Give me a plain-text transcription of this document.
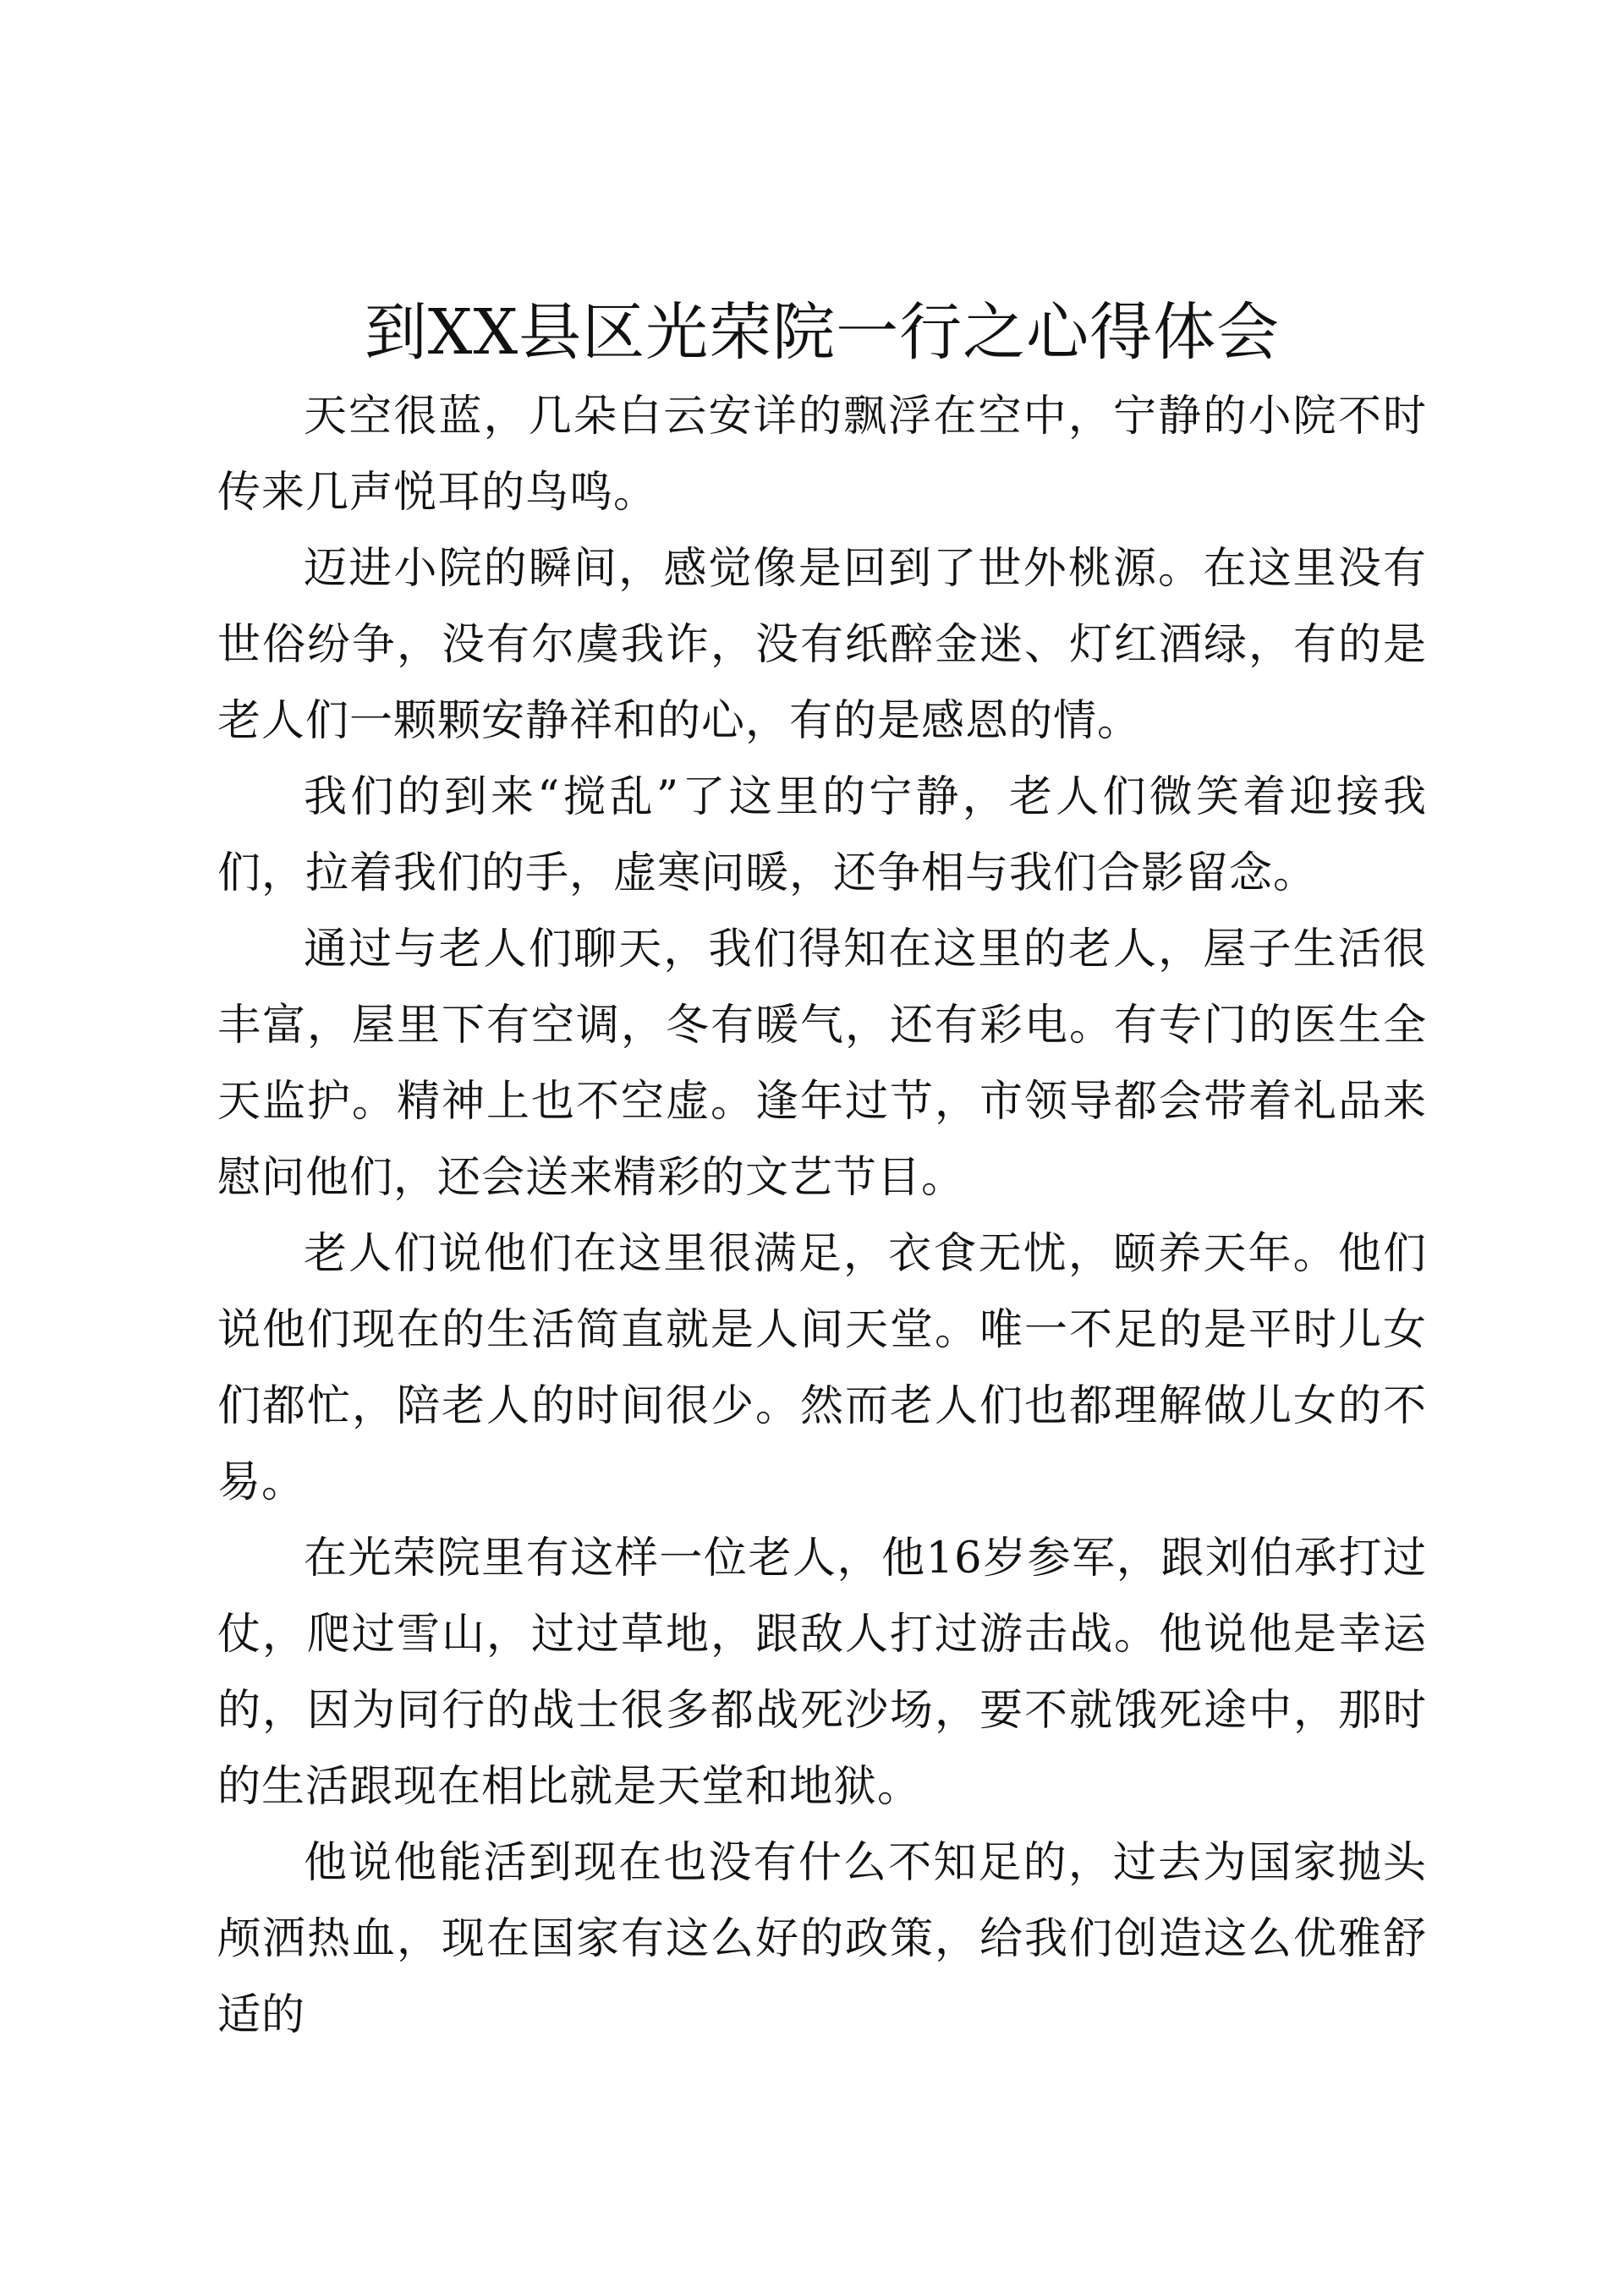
到XX县区光荣院一行之心得体会

天空很蓝，几朵白云安详的飘浮在空中，宁静的小院不时传来几声悦耳的鸟鸣。

迈进小院的瞬间，感觉像是回到了世外桃源。在这里没有世俗纷争，没有尔虞我诈，没有纸醉金迷、灯红酒绿，有的是老人们一颗颗安静祥和的心，有的是感恩的情。

我们的到来“搅乱”了这里的宁静，老人们微笑着迎接我们，拉着我们的手，虚寒问暖，还争相与我们合影留念。

通过与老人们聊天，我们得知在这里的老人，屋子生活很丰富，屋里下有空调，冬有暖气，还有彩电。有专门的医生全天监护。精神上也不空虚。逢年过节，市领导都会带着礼品来慰问他们，还会送来精彩的文艺节目。

老人们说他们在这里很满足，衣食无忧，颐养天年。他们说他们现在的生活简直就是人间天堂。唯一不足的是平时儿女们都忙，陪老人的时间很少。然而老人们也都理解做儿女的不易。

在光荣院里有这样一位老人，他16岁参军，跟刘伯承打过仗，爬过雪山，过过草地，跟敌人打过游击战。他说他是幸运的，因为同行的战士很多都战死沙场，要不就饿死途中，那时的生活跟现在相比就是天堂和地狱。

他说他能活到现在也没有什么不知足的，过去为国家抛头颅洒热血，现在国家有这么好的政策，给我们创造这么优雅舒适的
